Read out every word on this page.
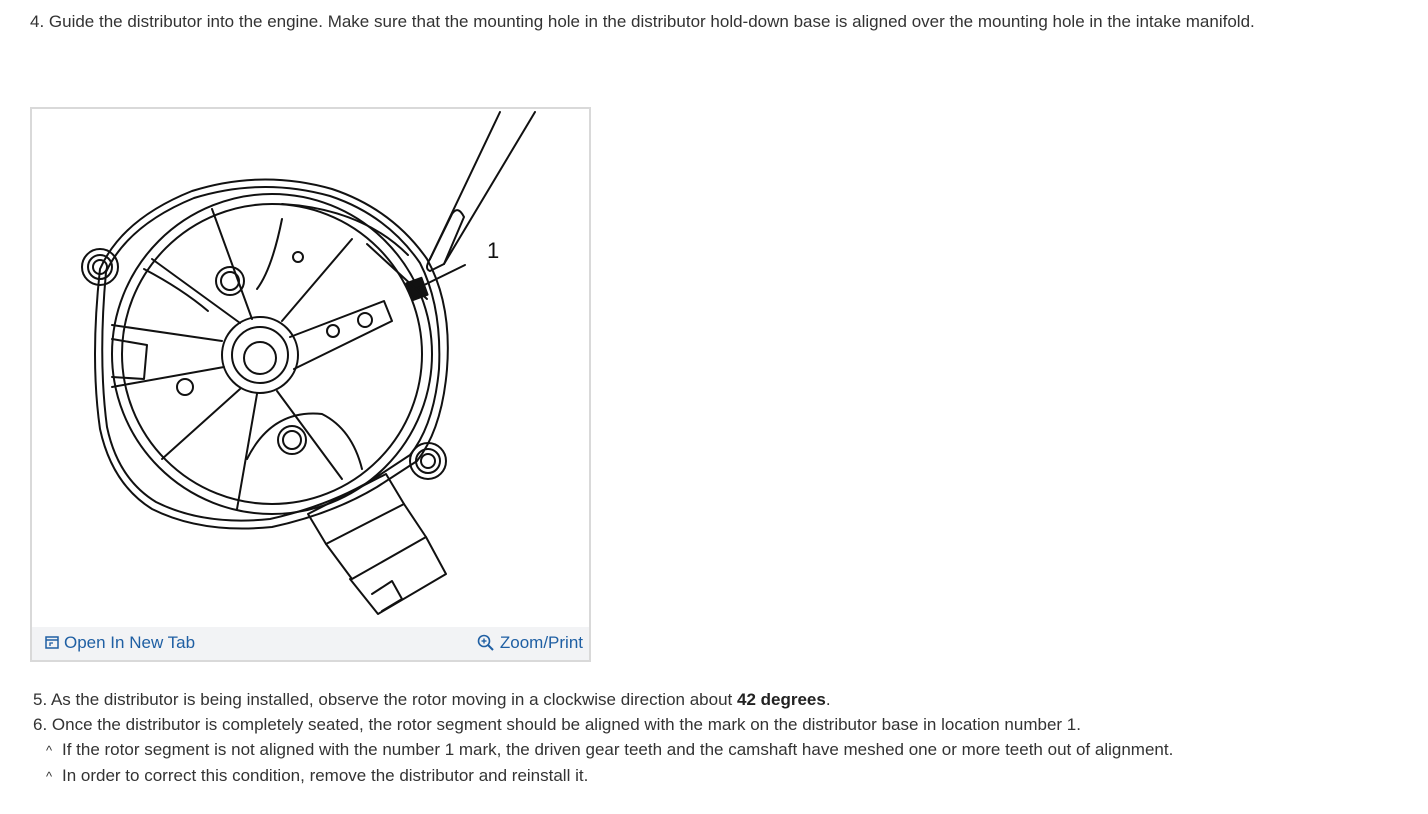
4. Guide the distributor into the engine. Make sure that the mounting hole in the distributor hold-down base is aligned over the mounting hole in the intake manifold.

1
Open In New Tab	Zoom/Print
5. As the distributor is being installed, observe the rotor moving in a clockwise direction about 42 degrees.
6. Once the distributor is completely seated, the rotor segment should be aligned with the mark on the distributor base in location number 1.
^ If the rotor segment is not aligned with the number 1 mark, the driven gear teeth and the camshaft have meshed one or more teeth out of alignment.
^ In order to correct this condition, remove the distributor and reinstall it.
